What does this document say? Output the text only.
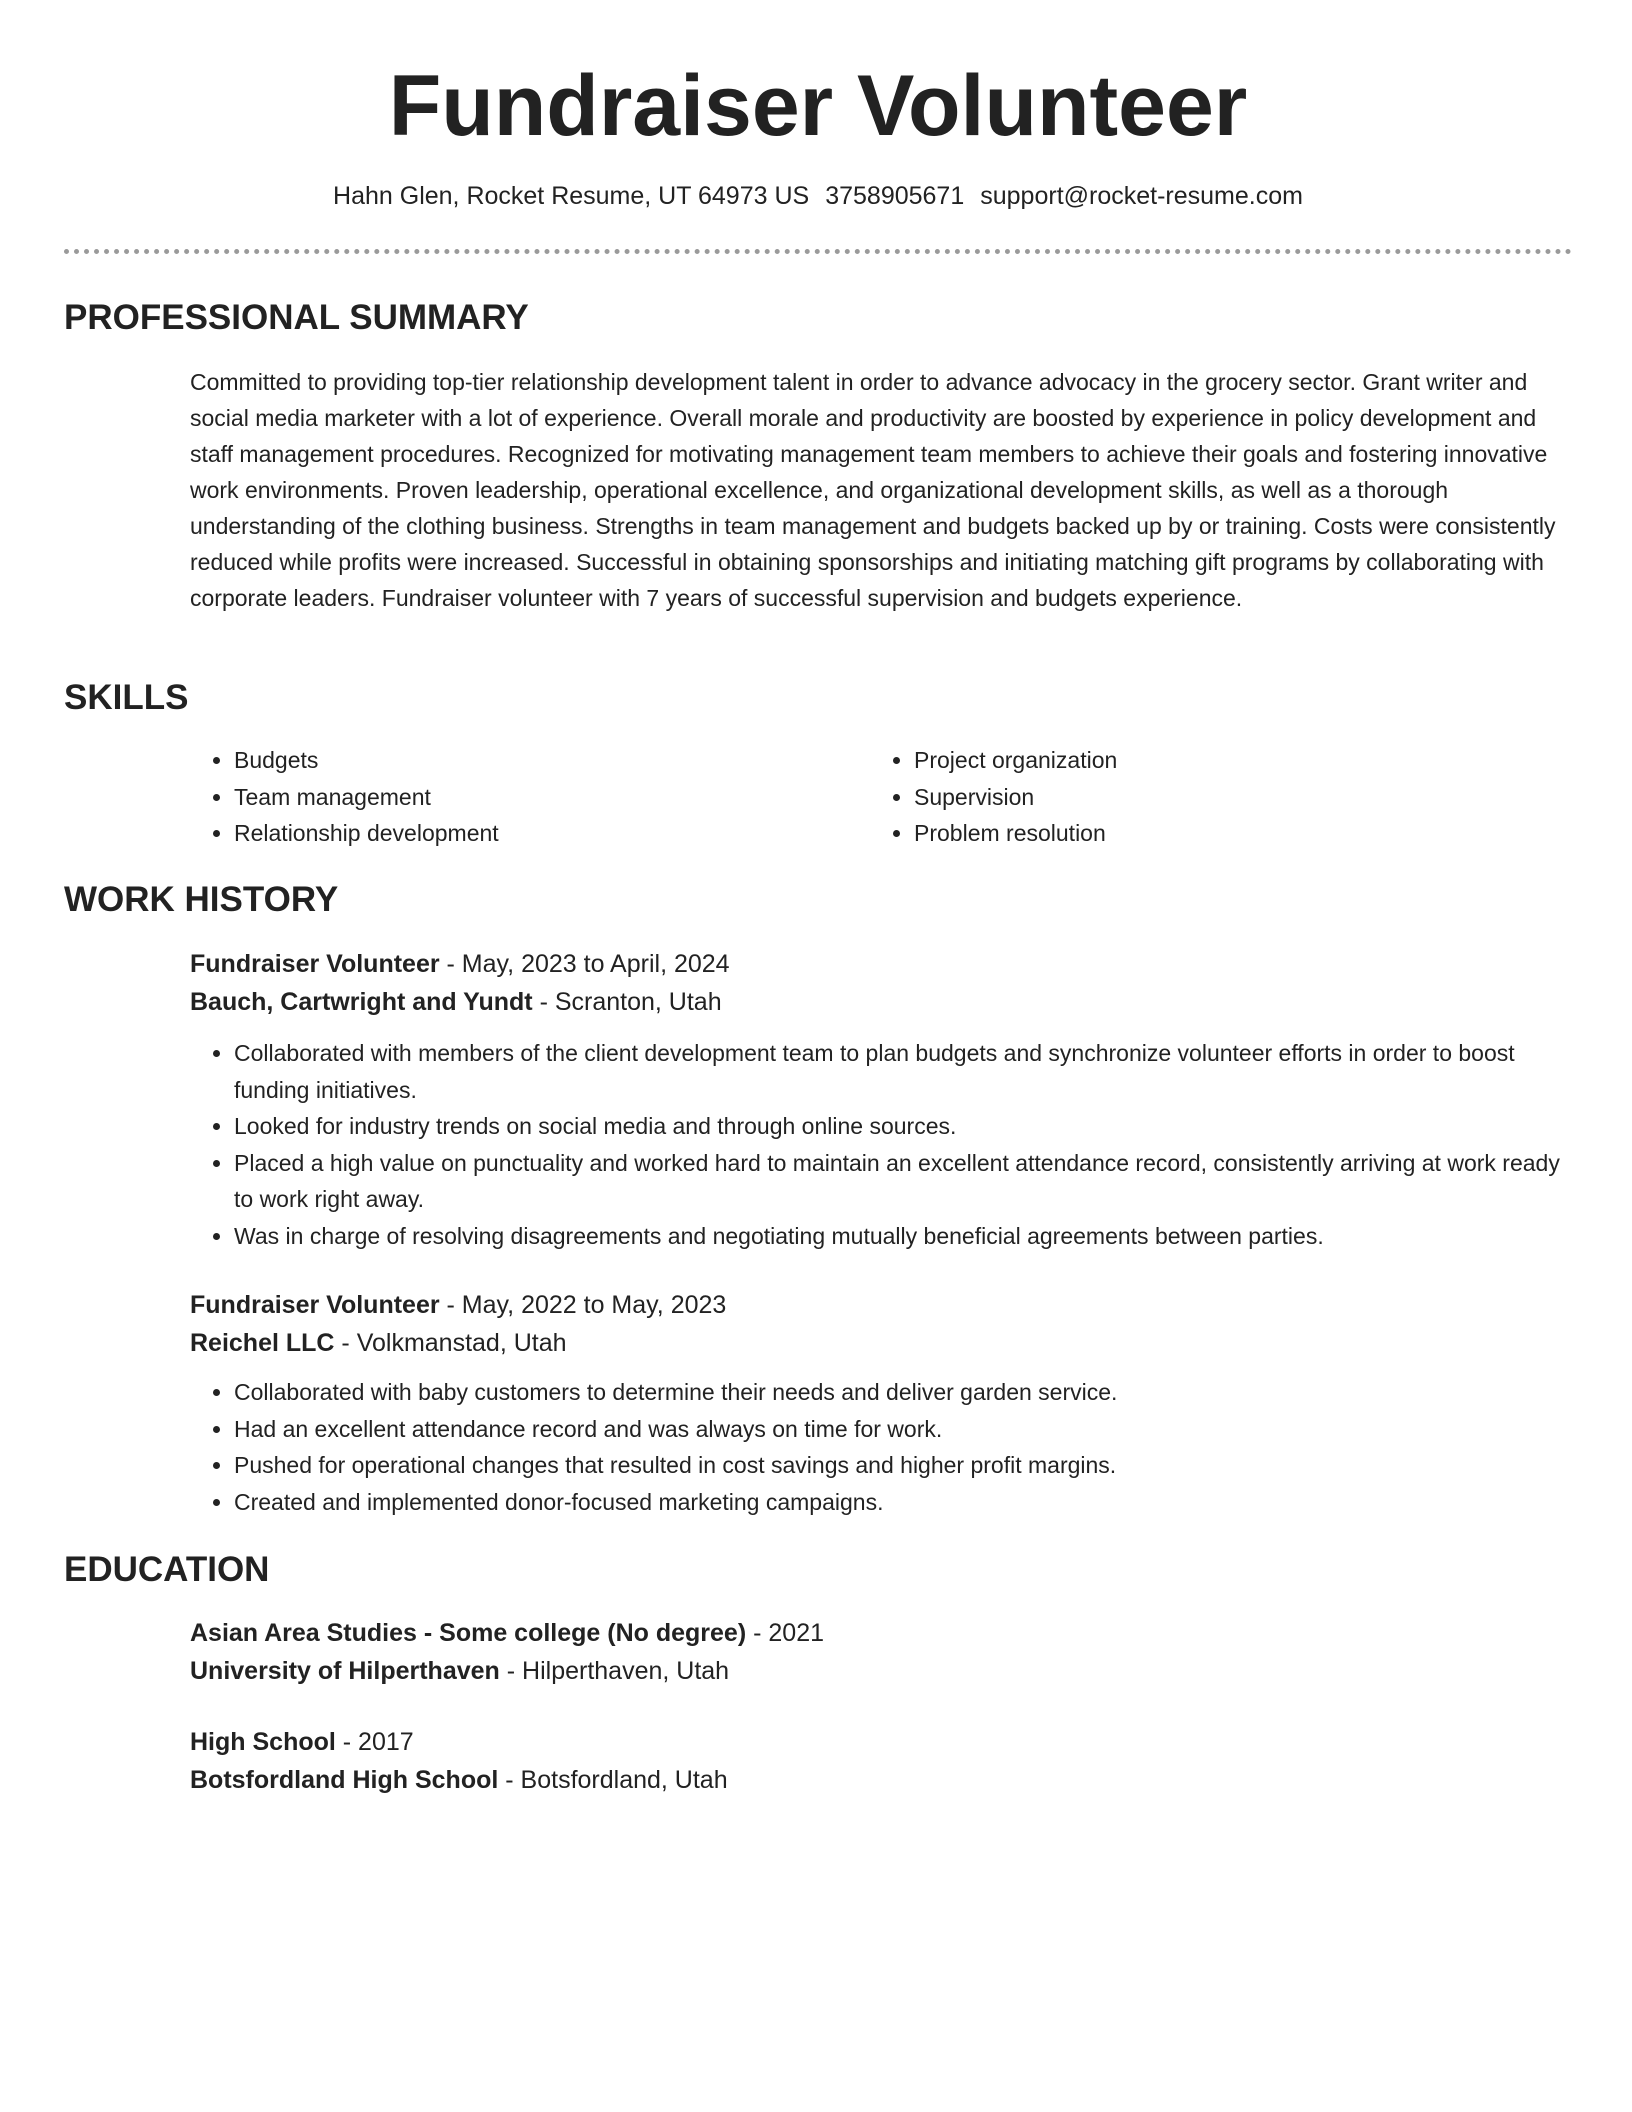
Fundraiser Volunteer
Hahn Glen, Rocket Resume, UT 64973 US 3758905671 support@rocket-resume.com
PROFESSIONAL SUMMARY

Committed to providing top-tier relationship development talent in order to advance advocacy in the grocery sector. Grant writer and social media marketer with a lot of experience. Overall morale and productivity are boosted by experience in policy development and staff management procedures. Recognized for motivating management team members to achieve their goals and fostering innovative work environments. Proven leadership, operational excellence, and organizational development skills, as well as a thorough understanding of the clothing business. Strengths in team management and budgets backed up by or training. Costs were consistently reduced while profits were increased. Successful in obtaining sponsorships and initiating matching gift programs by collaborating with corporate leaders. Fundraiser volunteer with 7 years of successful supervision and budgets experience.

SKILLS
• Budgets
• Team management
• Relationship development
• Project organization
• Supervision
• Problem resolution
WORK HISTORY
Fundraiser Volunteer - May, 2023 to April, 2024
Bauch, Cartwright and Yundt - Scranton, Utah
• Collaborated with members of the client development team to plan budgets and synchronize volunteer efforts in order to boost funding initiatives.
• Looked for industry trends on social media and through online sources.
• Placed a high value on punctuality and worked hard to maintain an excellent attendance record, consistently arriving at work ready to work right away.
• Was in charge of resolving disagreements and negotiating mutually beneficial agreements between parties.
Fundraiser Volunteer - May, 2022 to May, 2023
Reichel LLC - Volkmanstad, Utah
• Collaborated with baby customers to determine their needs and deliver garden service.
• Had an excellent attendance record and was always on time for work.
• Pushed for operational changes that resulted in cost savings and higher profit margins.
• Created and implemented donor-focused marketing campaigns.
EDUCATION
Asian Area Studies - Some college (No degree) - 2021
University of Hilperthaven - Hilperthaven, Utah
High School - 2017
Botsfordland High School - Botsfordland, Utah
